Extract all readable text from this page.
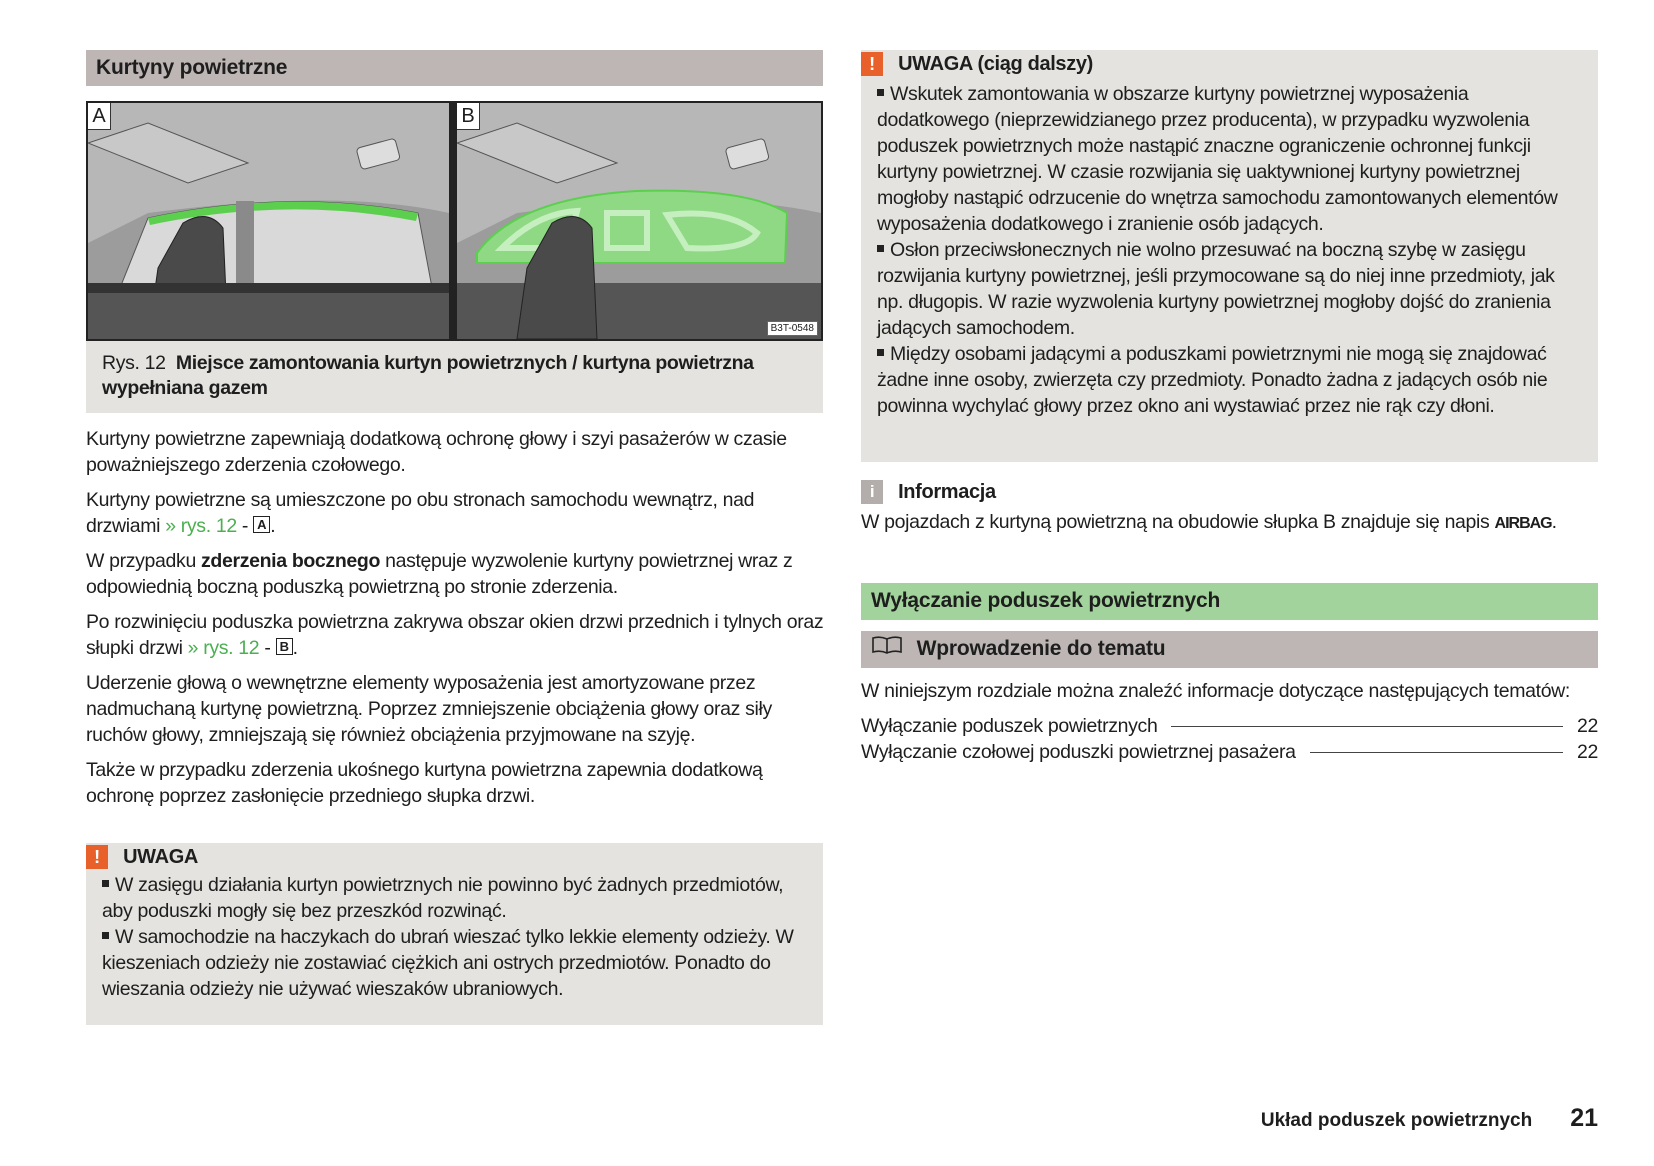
Kurtyny powietrzne
A	B
B3T-0548
Rys. 12 Miejsce zamontowania kurtyn powietrznych / kurtyna powietrzna wypełniana gazem

Kurtyny powietrzne zapewniają dodatkową ochronę głowy i szyi pasażerów w czasie poważniejszego zderzenia czołowego.

Kurtyny powietrzne są umieszczone po obu stronach samochodu wewnątrz, nad drzwiami » rys. 12 - A .

W przypadku zderzenia bocznego następuje wyzwolenie kurtyny powietrznej wraz z odpowiednią boczną poduszką powietrzną po stronie zderzenia.

Po rozwinięciu poduszka powietrzna zakrywa obszar okien drzwi przednich i tylnych oraz słupki drzwi » rys. 12 - B .

Uderzenie głową o wewnętrzne elementy wyposażenia jest amortyzowane przez nadmuchaną kurtynę powietrzną. Poprzez zmniejszenie obciążenia głowy oraz siły ruchów głowy, zmniejszają się również obciążenia przyjmowane na szyję.

Także w przypadku zderzenia ukośnego kurtyna powietrzna zapewnia dodatkową ochronę poprzez zasłonięcie przedniego słupka drzwi.

! UWAGA

W zasięgu działania kurtyn powietrznych nie powinno być żadnych przedmiotów, aby poduszki mogły się bez przeszkód rozwinąć.

W samochodzie na haczykach do ubrań wieszać tylko lekkie elementy odzieży. W kieszeniach odzieży nie zostawiać ciężkich ani ostrych przedmiotów. Ponadto do wieszania odzieży nie używać wieszaków ubraniowych.

! UWAGA (ciąg dalszy)

Wskutek zamontowania w obszarze kurtyny powietrznej wyposażenia dodatkowego (nieprzewidzianego przez producenta), w przypadku wyzwolenia poduszek powietrznych może nastąpić znaczne ograniczenie ochronnej funkcji kurtyny powietrznej. W czasie rozwijania się uaktywnionej kurtyny powietrznej mogłoby nastąpić odrzucenie do wnętrza samochodu zamontowanych elementów wyposażenia dodatkowego i zranienie osób jadących.

Osłon przeciwsłonecznych nie wolno przesuwać na boczną szybę w zasięgu rozwijania kurtyny powietrznej, jeśli przymocowane są do niej inne przedmioty, jak np. długopis. W razie wyzwolenia kurtyny powietrznej mogłoby dojść do zranienia jadących samochodem.

Między osobami jadącymi a poduszkami powietrznymi nie mogą się znajdować żadne inne osoby, zwierzęta czy przedmioty. Ponadto żadna z jadących osób nie powinna wychylać głowy przez okno ani wystawiać przez nie rąk czy dłoni.

i Informacja

W pojazdach z kurtyną powietrzną na obudowie słupka B znajduje się napis AIRBAG.

Wyłączanie poduszek powietrznych
Wprowadzenie do tematu

W niniejszym rozdziale można znaleźć informacje dotyczące następujących tematów:

Wyłączanie poduszek powietrznych	22
Wyłączanie czołowej poduszki powietrznej pasażera	22
Układ poduszek powietrznych 21
